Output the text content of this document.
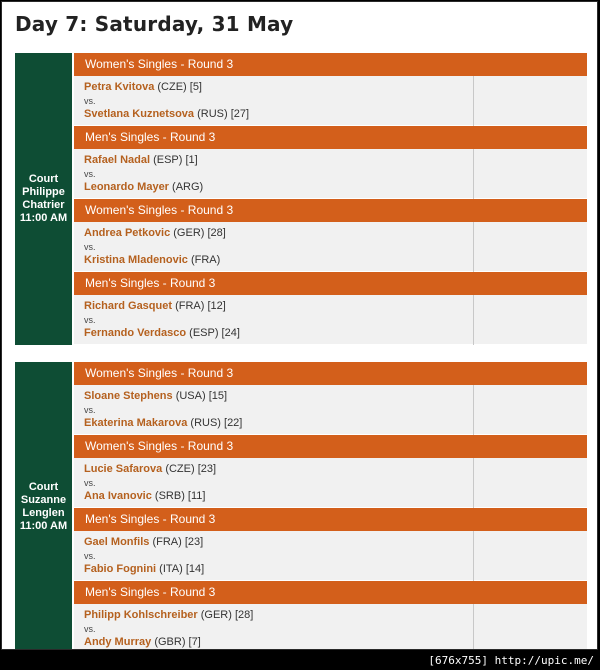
Day 7: Saturday, 31 May
Court
Philippe
Chatrier
11:00 AM
Women's Singles - Round 3
Petra Kvitova (CZE) [5]
vs.
Svetlana Kuznetsova (RUS) [27]
Men's Singles - Round 3
Rafael Nadal (ESP) [1]
vs.
Leonardo Mayer (ARG)
Women's Singles - Round 3
Andrea Petkovic (GER) [28]
vs.
Kristina Mladenovic (FRA)
Men's Singles - Round 3
Richard Gasquet (FRA) [12]
vs.
Fernando Verdasco (ESP) [24]
Court
Suzanne
Lenglen
11:00 AM
Women's Singles - Round 3
Sloane Stephens (USA) [15]
vs.
Ekaterina Makarova (RUS) [22]
Women's Singles - Round 3
Lucie Safarova (CZE) [23]
vs.
Ana Ivanovic (SRB) [11]
Men's Singles - Round 3
Gael Monfils (FRA) [23]
vs.
Fabio Fognini (ITA) [14]
Men's Singles - Round 3
Philipp Kohlschreiber (GER) [28]
vs.
Andy Murray (GBR) [7]
[676x755] http://upic.me/
